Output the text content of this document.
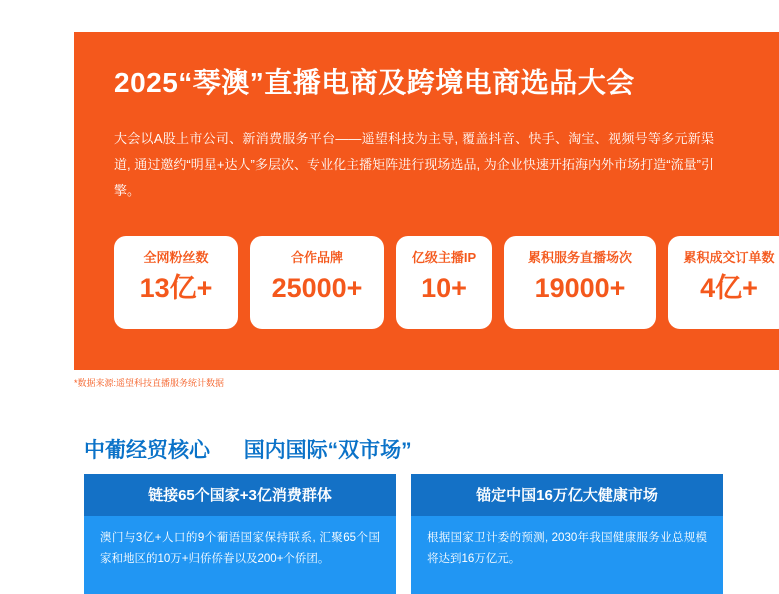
2025“琴澳”直播电商及跨境电商选品大会

大会以A股上市公司、新消费服务平台——遥望科技为主导, 覆盖抖音、快手、淘宝、视频号等多元新渠道, 通过邀约“明星+达人”多层次、专业化主播矩阵进行现场选品, 为企业快速开拓海内外市场打造“流量”引擎。

全网粉丝数
13亿+
合作品牌
25000+
亿级主播IP
10+
累积服务直播场次
19000+
累积成交订单数
4亿+
*数据来源:遥望科技直播服务统计数据
中葡经贸核心 国内国际“双市场”
链接65个国家+3亿消费群体
澳门与3亿+人口的9个葡语国家保持联系, 汇聚65个国家和地区的10万+归侨侨眷以及200+个侨团。
锚定中国16万亿大健康市场
根据国家卫计委的预测, 2030年我国健康服务业总规模将达到16万亿元。
